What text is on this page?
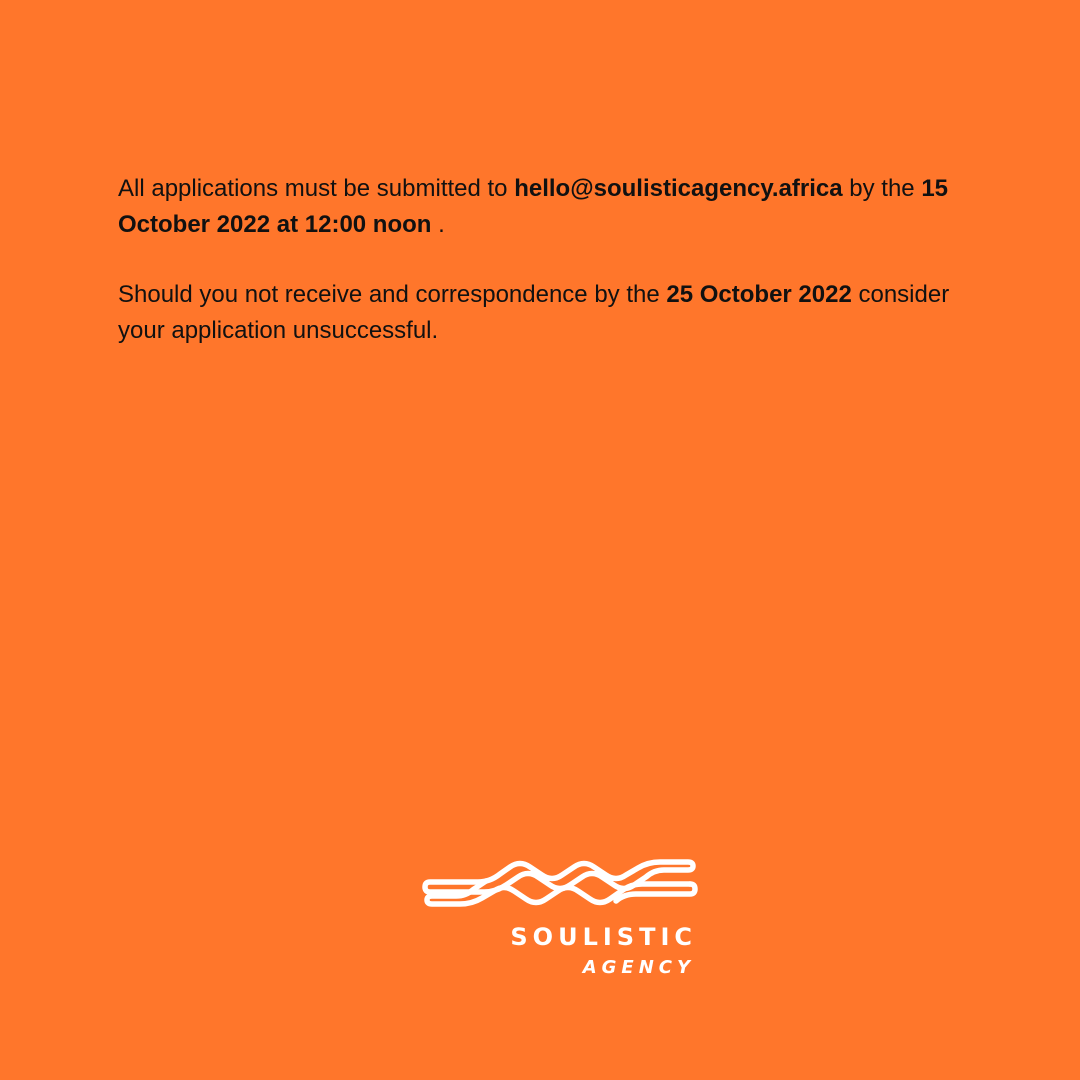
All applications must be submitted to hello@soulisticagency.africa by the 15 October 2022 at 12:00 noon .

Should you not receive and correspondence by the 25 October 2022 consider your application unsuccessful.

SOULISTIC
AGENCY
